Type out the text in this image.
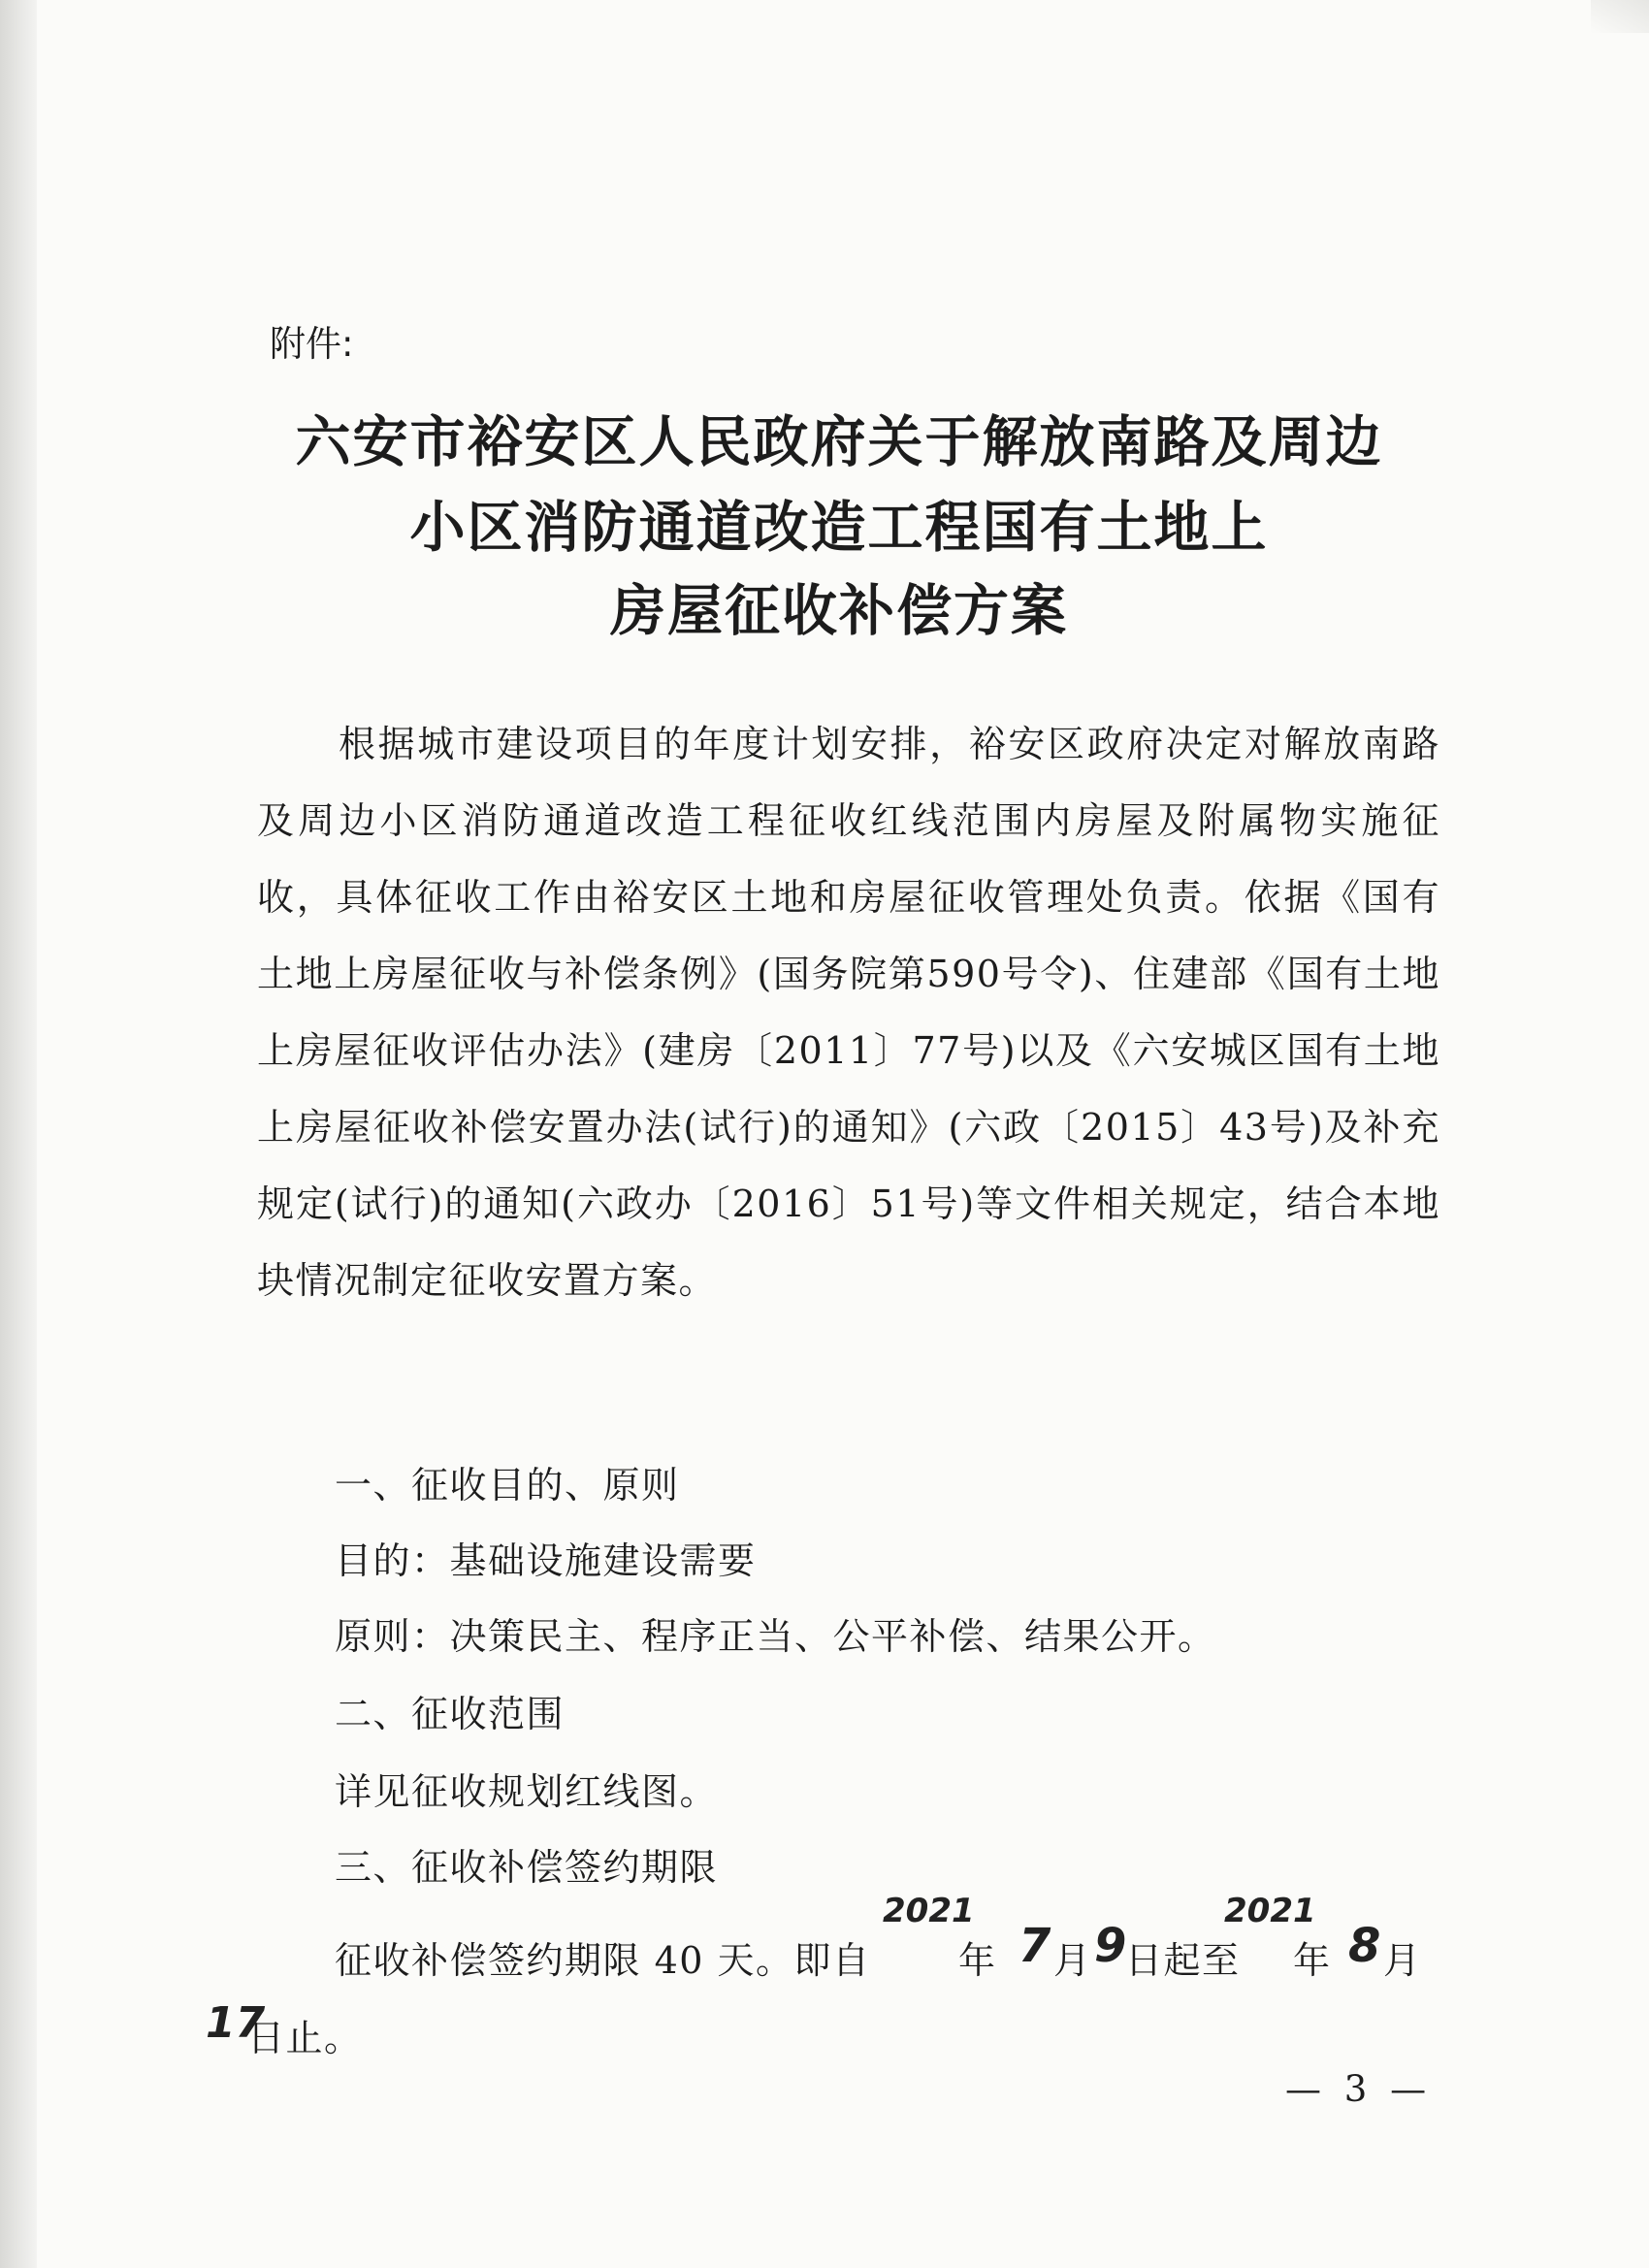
附件:
六安市裕安区人民政府关于解放南路及周边
小区消防通道改造工程国有土地上
房屋征收补偿方案

根据城市建设项目的年度计划安排，裕安区政府决定对解放南路及周边小区消防通道改造工程征收红线范围内房屋及附属物实施征收，具体征收工作由裕安区土地和房屋征收管理处负责。依据《国有土地上房屋征收与补偿条例》(国务院第590号令)、住建部《国有土地上房屋征收评估办法》(建房〔2011〕77号)以及《六安城区国有土地上房屋征收补偿安置办法(试行)的通知》(六政〔2015〕43号)及补充规定(试行)的通知(六政办〔2016〕51号)等文件相关规定，结合本地块情况制定征收安置方案。

一、征收目的、原则
目的：基础设施建设需要
原则：决策民主、程序正当、公平补偿、结果公开。
二、征收范围
详见征收规划红线图。
三、征收补偿签约期限
征收补偿签约期限 40 天。即自
2021
年 7 月 9
日起至
2021
年 8 月
17
日止。
— 3 —
